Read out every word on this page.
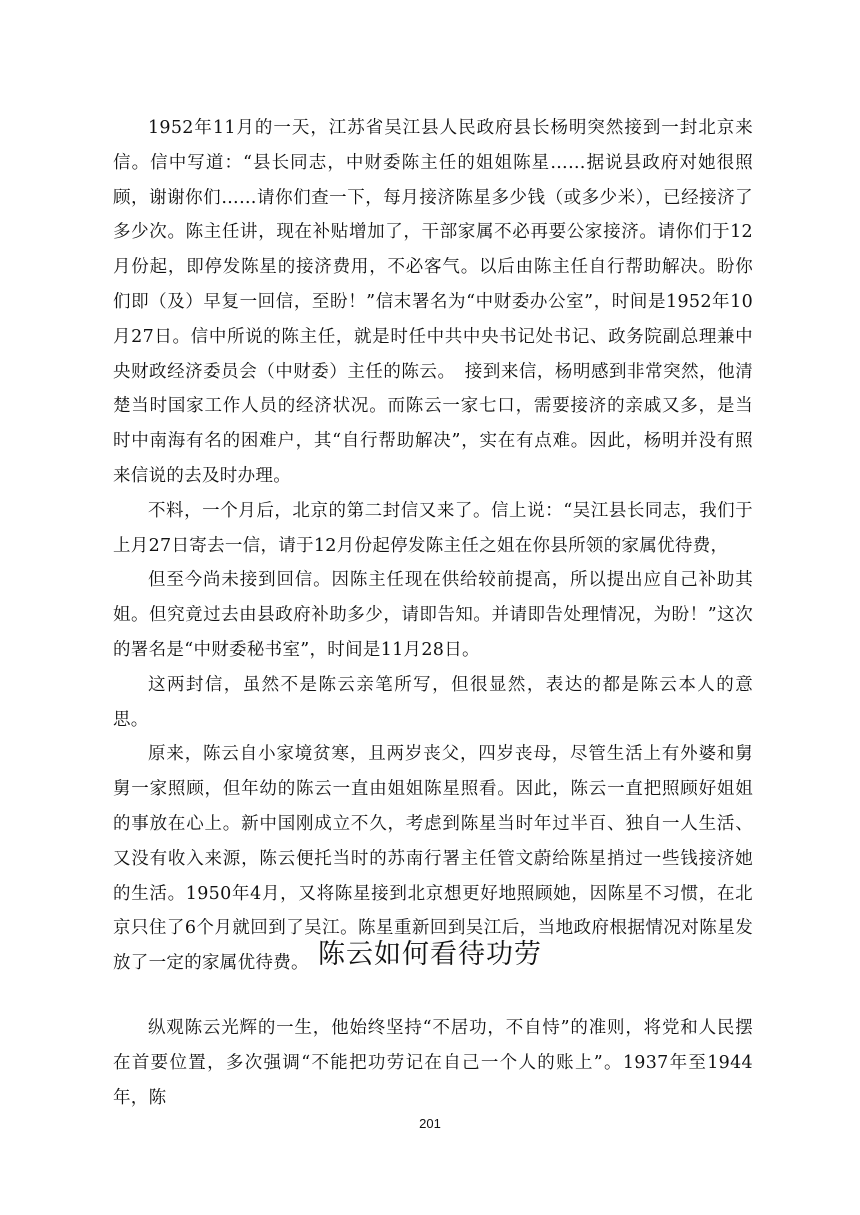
1952年11月的一天，江苏省吴江县人民政府县长杨明突然接到一封北京来信。信中写道：“县长同志，中财委陈主任的姐姐陈星……据说县政府对她很照顾，谢谢你们……请你们查一下，每月接济陈星多少钱（或多少米），已经接济了多少次。陈主任讲，现在补贴增加了，干部家属不必再要公家接济。请你们于12月份起，即停发陈星的接济费用，不必客气。以后由陈主任自行帮助解决。盼你们即（及）早复一回信，至盼！”信末署名为“中财委办公室”，时间是1952年10月27日。信中所说的陈主任，就是时任中共中央书记处书记、政务院副总理兼中央财政经济委员会（中财委）主任的陈云。　接到来信，杨明感到非常突然，他清楚当时国家工作人员的经济状况。而陈云一家七口，需要接济的亲戚又多，是当时中南海有名的困难户，其“自行帮助解决”，实在有点难。因此，杨明并没有照来信说的去及时办理。

不料，一个月后，北京的第二封信又来了。信上说：“吴江县长同志，我们于上月27日寄去一信，请于12月份起停发陈主任之姐在你县所领的家属优待费，

但至今尚未接到回信。因陈主任现在供给较前提高，所以提出应自己补助其姐。但究竟过去由县政府补助多少，请即告知。并请即告处理情况，为盼！”这次的署名是“中财委秘书室”，时间是11月28日。

这两封信，虽然不是陈云亲笔所写，但很显然，表达的都是陈云本人的意思。

原来，陈云自小家境贫寒，且两岁丧父，四岁丧母，尽管生活上有外婆和舅舅一家照顾，但年幼的陈云一直由姐姐陈星照看。因此，陈云一直把照顾好姐姐的事放在心上。新中国刚成立不久，考虑到陈星当时年过半百、独自一人生活、又没有收入来源，陈云便托当时的苏南行署主任管文蔚给陈星捎过一些钱接济她的生活。1950年4月，又将陈星接到北京想更好地照顾她，因陈星不习惯，在北京只住了6个月就回到了吴江。陈星重新回到吴江后，当地政府根据情况对陈星发放了一定的家属优待费。 陈云如何看待功劳

纵观陈云光辉的一生，他始终坚持“不居功，不自恃”的准则，将党和人民摆在首要位置，多次强调“不能把功劳记在自己一个人的账上”。1937年至1944年，陈

201
